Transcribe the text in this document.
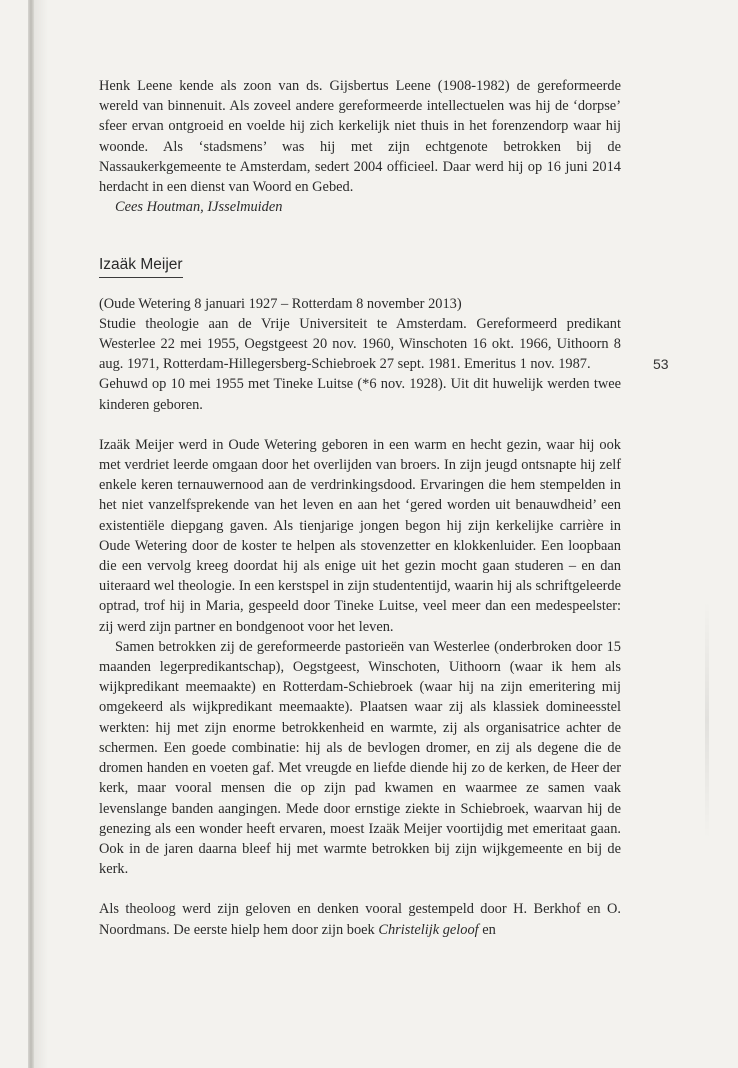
53

Henk Leene kende als zoon van ds. Gijsbertus Leene (1908-1982) de gereformeerde wereld van binnenuit. Als zoveel andere gereformeerde intellectuelen was hij de ‘dorpse’ sfeer ervan ontgroeid en voelde hij zich kerkelijk niet thuis in het forenzendorp waar hij woonde. Als ‘stadsmens’ was hij met zijn echtgenote betrokken bij de Nassaukerkgemeente te Amsterdam, sedert 2004 officieel. Daar werd hij op 16 juni 2014 herdacht in een dienst van Woord en Gebed.

Cees Houtman, IJsselmuiden

Izaäk Meijer

(Oude Wetering 8 januari 1927 – Rotterdam 8 november 2013)

Studie theologie aan de Vrije Universiteit te Amsterdam. Gereformeerd predikant Westerlee 22 mei 1955, Oegstgeest 20 nov. 1960, Winschoten 16 okt. 1966, Uithoorn 8 aug. 1971, Rotterdam-Hillegersberg-Schiebroek 27 sept. 1981. Emeritus 1 nov. 1987.

Gehuwd op 10 mei 1955 met Tineke Luitse (*6 nov. 1928). Uit dit huwelijk werden twee kinderen geboren.

Izaäk Meijer werd in Oude Wetering geboren in een warm en hecht gezin, waar hij ook met verdriet leerde omgaan door het overlijden van broers. In zijn jeugd ontsnapte hij zelf enkele keren ternauwernood aan de verdrinkingsdood. Ervaringen die hem stempelden in het niet vanzelfsprekende van het leven en aan het ‘gered worden uit benauwdheid’ een existentiële diepgang gaven. Als tienjarige jongen begon hij zijn kerkelijke carrière in Oude Wetering door de koster te helpen als stovenzetter en klokkenluider. Een loopbaan die een vervolg kreeg doordat hij als enige uit het gezin mocht gaan studeren – en dan uiteraard wel theologie. In een kerstspel in zijn studententijd, waarin hij als schriftgeleerde optrad, trof hij in Maria, gespeeld door Tineke Luitse, veel meer dan een medespeelster: zij werd zijn partner en bondgenoot voor het leven.

Samen betrokken zij de gereformeerde pastorieën van Westerlee (onderbroken door 15 maanden legerpredikantschap), Oegstgeest, Winschoten, Uithoorn (waar ik hem als wijkpredikant meemaakte) en Rotterdam-Schiebroek (waar hij na zijn emeritering mij omgekeerd als wijkpredikant meemaakte). Plaatsen waar zij als klassiek domineesstel werkten: hij met zijn enorme betrokkenheid en warmte, zij als organisatrice achter de schermen. Een goede combinatie: hij als de bevlogen dromer, en zij als degene die de dromen handen en voeten gaf. Met vreugde en liefde diende hij zo de kerken, de Heer der kerk, maar vooral mensen die op zijn pad kwamen en waarmee ze samen vaak levenslange banden aangingen. Mede door ernstige ziekte in Schiebroek, waarvan hij de genezing als een wonder heeft ervaren, moest Izaäk Meijer voortijdig met emeritaat gaan. Ook in de jaren daarna bleef hij met warmte betrokken bij zijn wijkgemeente en bij de kerk.

Als theoloog werd zijn geloven en denken vooral gestempeld door H. Berkhof en O. Noordmans. De eerste hielp hem door zijn boek Christelijk geloof en
